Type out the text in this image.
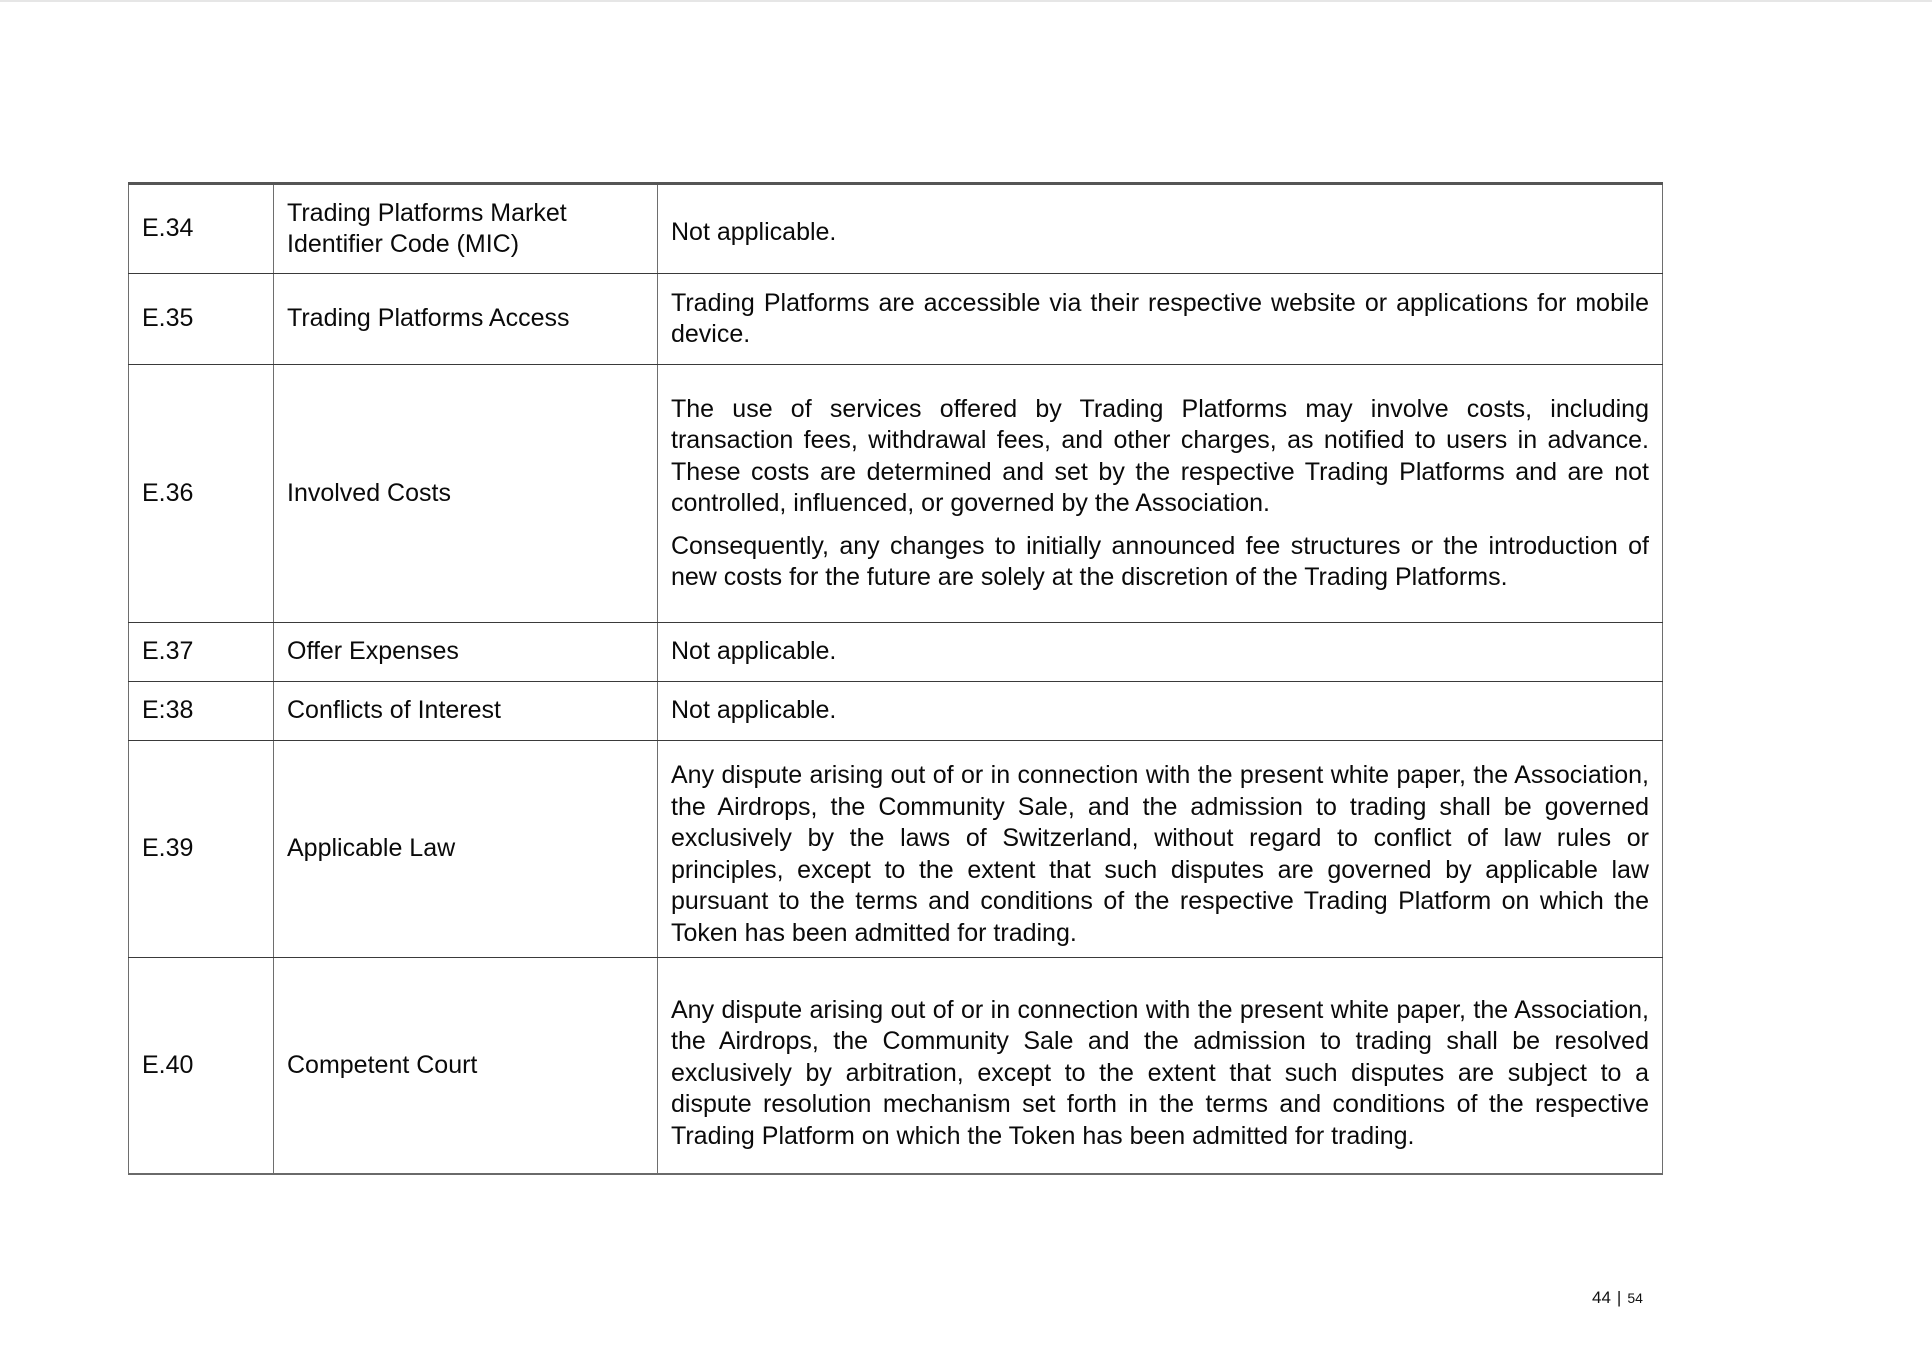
E.34	Trading Platforms Market Identifier Code (MIC)	Not applicable.

E.35	Trading Platforms Access	Trading Platforms are accessible via their respective website or applications for mobile device.

E.36	Involved Costs	The use of services offered by Trading Platforms may involve costs, including transaction fees, withdrawal fees, and other charges, as notified to users in advance. These costs are determined and set by the respective Trading Platforms and are not controlled, influenced, or governed by the Association.

Consequently, any changes to initially announced fee structures or the introduction of new costs for the future are solely at the discretion of the Trading Platforms.

E.37	Offer Expenses	Not applicable.

E:38	Conflicts of Interest	Not applicable.

E.39	Applicable Law	Any dispute arising out of or in connection with the present white paper, the Association, the Airdrops, the Community Sale, and the admission to trading shall be governed exclusively by the laws of Switzerland, without regard to conflict of law rules or principles, except to the extent that such disputes are governed by applicable law pursuant to the terms and conditions of the respective Trading Platform on which the Token has been admitted for trading.

E.40	Competent Court	Any dispute arising out of or in connection with the present white paper, the Association, the Airdrops, the Community Sale and the admission to trading shall be resolved exclusively by arbitration, except to the extent that such disputes are subject to a dispute resolution mechanism set forth in the terms and conditions of the respective Trading Platform on which the Token has been admitted for trading.

44 | 54
